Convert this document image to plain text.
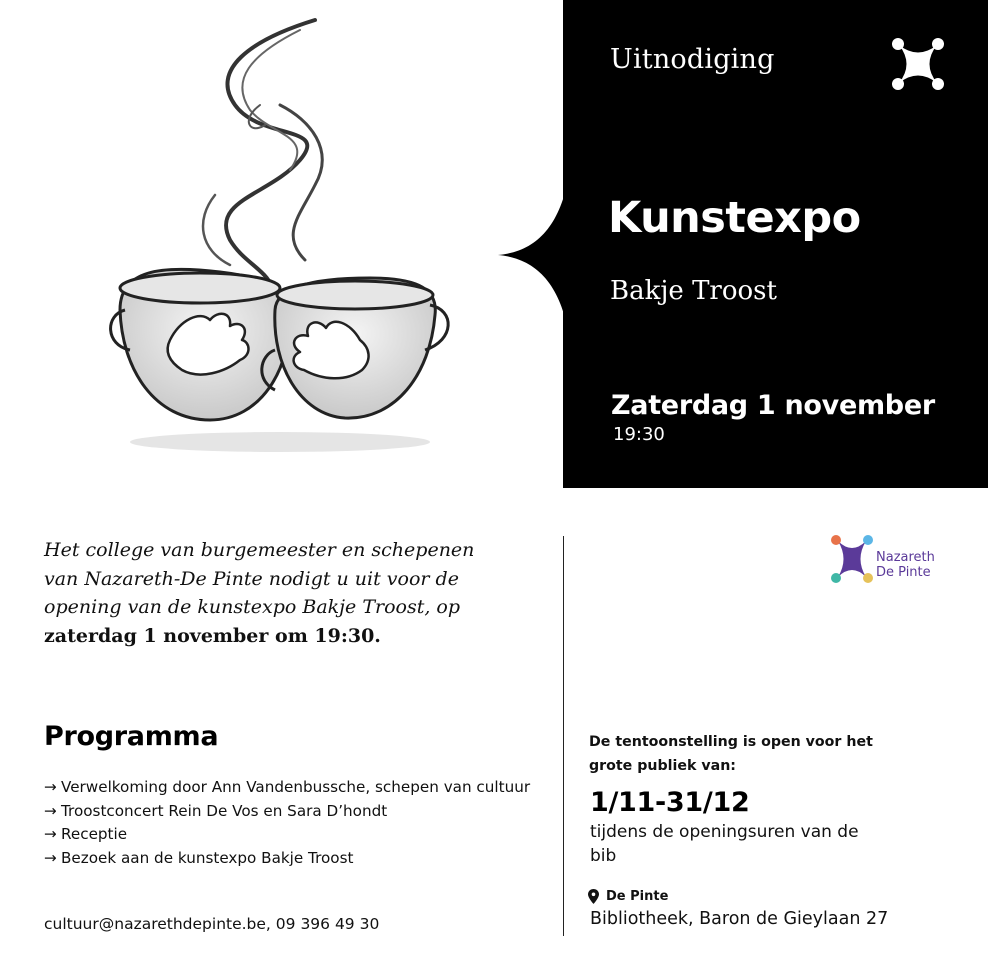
Uitnodiging
Kunstexpo
Bakje Troost
Zaterdag 1 november
19:30
Het college van burgemeester en schepenen van Nazareth-De Pinte nodigt u uit voor de opening van de kunstexpo Bakje Troost, op zaterdag 1 november om 19:30.
Programma
→ Verwelkoming door Ann Vandenbussche, schepen van cultuur
→ Troostconcert Rein De Vos en Sara D’hondt
→ Receptie
→ Bezoek aan de kunstexpo Bakje Troost
cultuur@nazarethdepinte.be, 09 396 49 30
Nazareth
De Pinte
De tentoonstelling is open voor het grote publiek van:
1/11-31/12
tijdens de openingsuren van de bib
De Pinte
Bibliotheek, Baron de Gieylaan 27
